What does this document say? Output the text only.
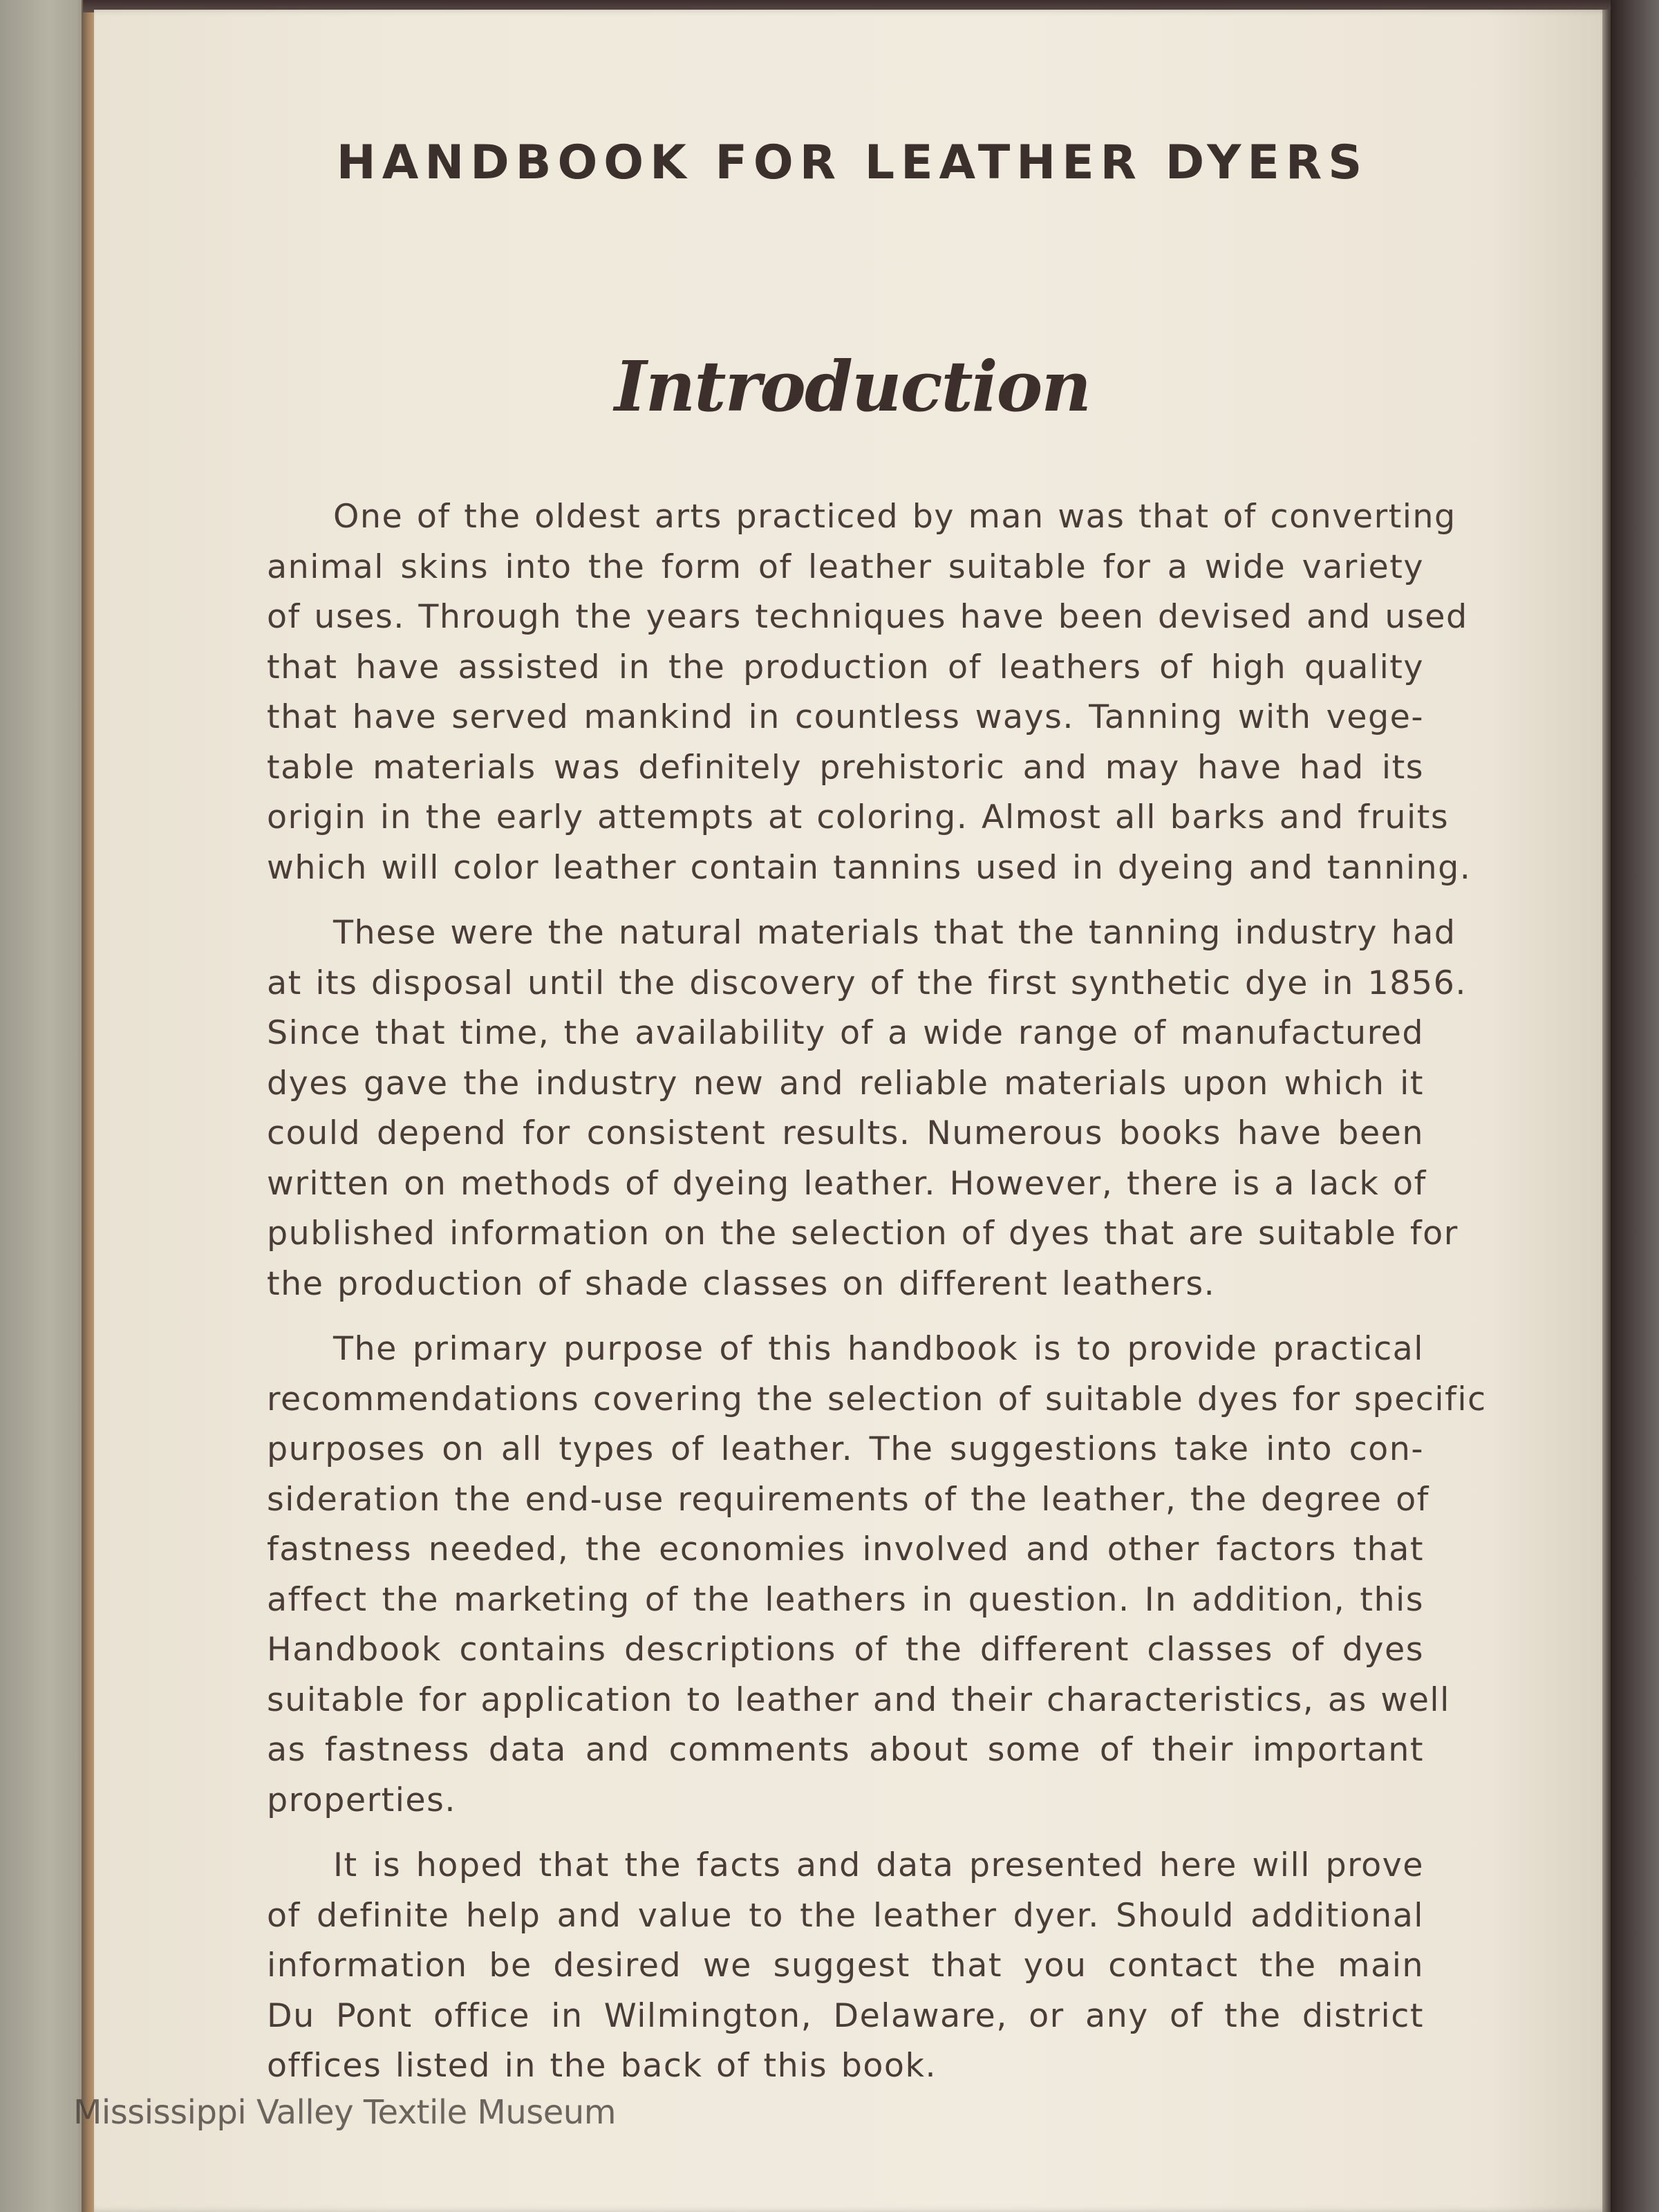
HANDBOOK FOR LEATHER DYERS
Introduction
One of the oldest arts practiced by man was that of converting
animal skins into the form of leather suitable for a wide variety
of uses. Through the years techniques have been devised and used
that have assisted in the production of leathers of high quality
that have served mankind in countless ways. Tanning with vege-
table materials was definitely prehistoric and may have had its
origin in the early attempts at coloring. Almost all barks and fruits
which will color leather contain tannins used in dyeing and tanning.
These were the natural materials that the tanning industry had
at its disposal until the discovery of the first synthetic dye in 1856.
Since that time, the availability of a wide range of manufactured
dyes gave the industry new and reliable materials upon which it
could depend for consistent results. Numerous books have been
written on methods of dyeing leather. However, there is a lack of
published information on the selection of dyes that are suitable for
the production of shade classes on different leathers.
The primary purpose of this handbook is to provide practical
recommendations covering the selection of suitable dyes for specific
purposes on all types of leather. The suggestions take into con-
sideration the end-use requirements of the leather, the degree of
fastness needed, the economies involved and other factors that
affect the marketing of the leathers in question. In addition, this
Handbook contains descriptions of the different classes of dyes
suitable for application to leather and their characteristics, as well
as fastness data and comments about some of their important
properties.
It is hoped that the facts and data presented here will prove
of definite help and value to the leather dyer. Should additional
information be desired we suggest that you contact the main
Du Pont office in Wilmington, Delaware, or any of the district
offices listed in the back of this book.
Mississippi Valley Textile Museum
